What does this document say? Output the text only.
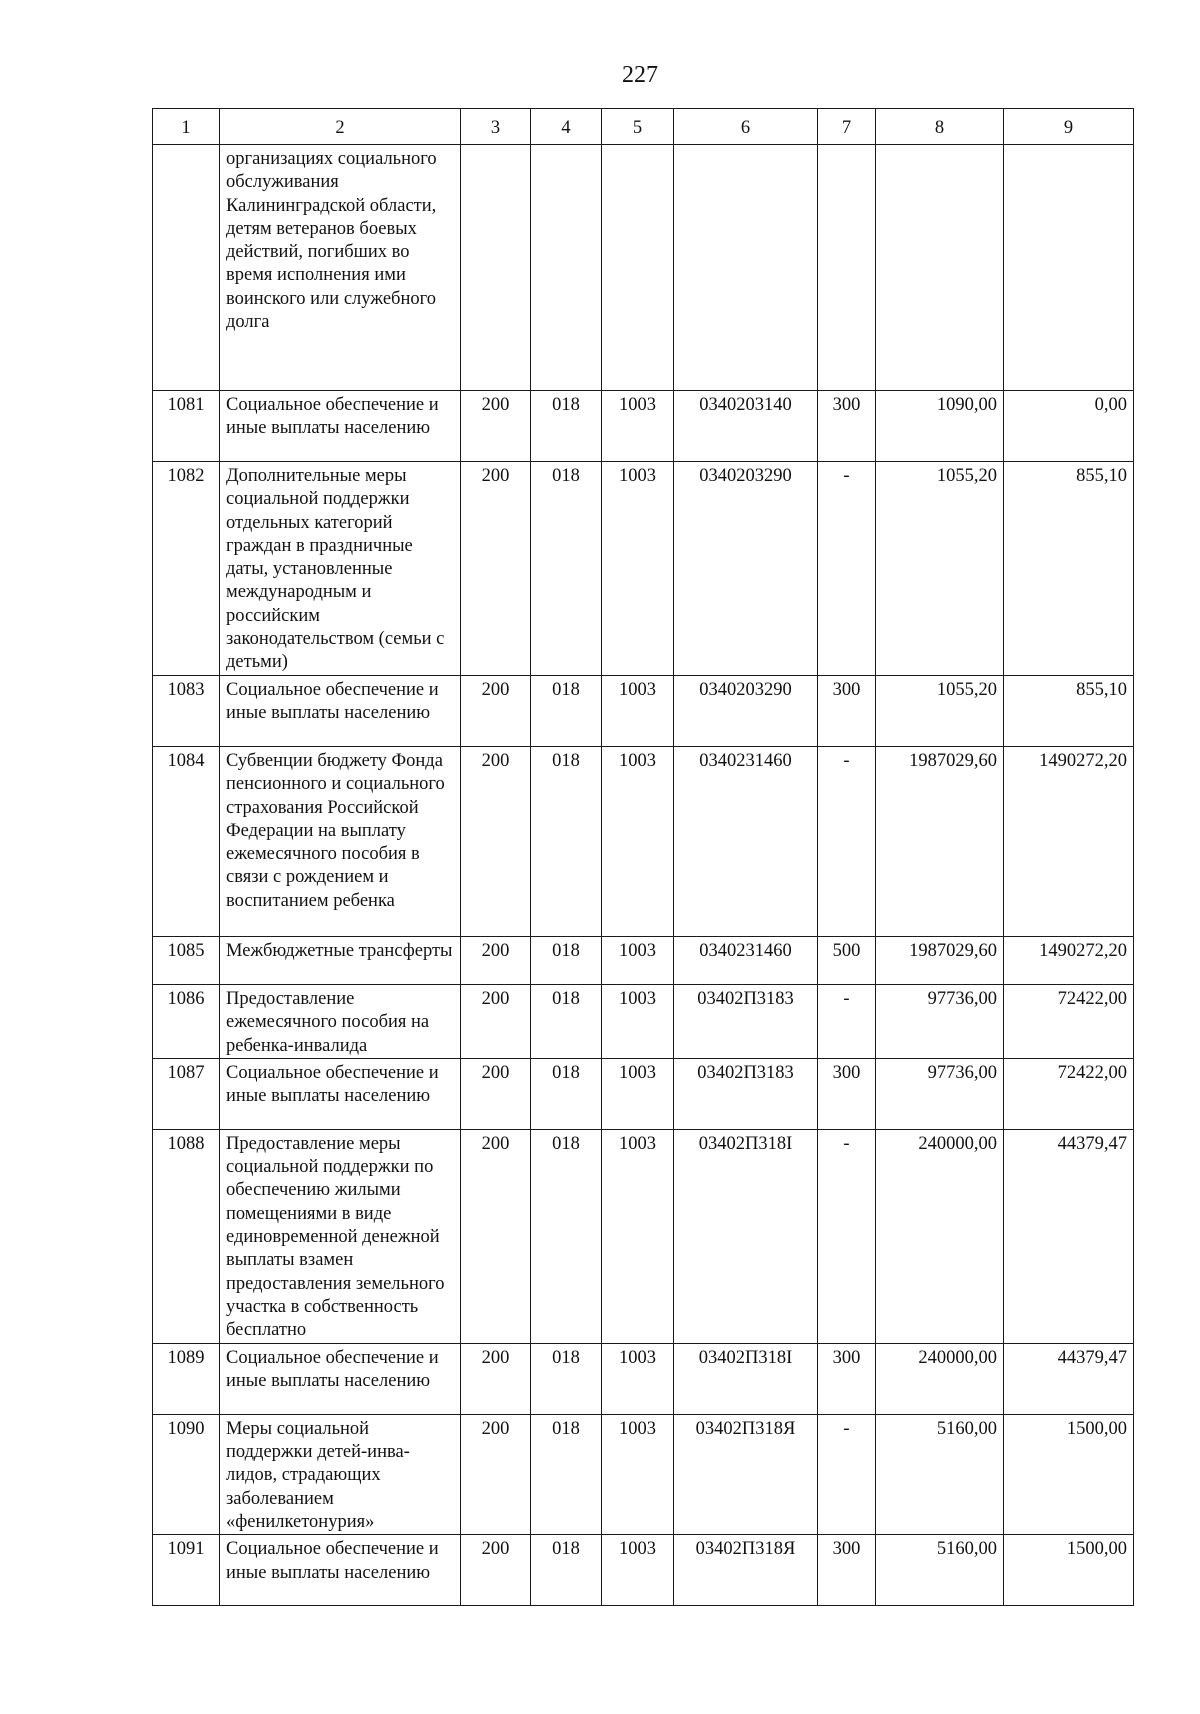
227
1	2	3	4	5	6	7	8	9
	организациях социального обслуживания Калининградской области, детям ветеранов боевых действий, погибших во время исполнения ими воинского или служебного долга							
1081	Социальное обеспечение и иные выплаты населению	200	018	1003	0340203140	300	1090,00	0,00
1082	Дополнительные меры социальной поддержки отдельных категорий граждан в праздничные даты, установленные международным и российским законодательством (семьи с детьми)	200	018	1003	0340203290	-	1055,20	855,10
1083	Социальное обеспечение и иные выплаты населению	200	018	1003	0340203290	300	1055,20	855,10
1084	Субвенции бюджету Фонда пенсионного и социального страхования Российской Федерации на выплату ежемесячного пособия в связи с рождением и воспитанием ребенка	200	018	1003	0340231460	-	1987029,60	1490272,20
1085	Межбюджетные трансферты	200	018	1003	0340231460	500	1987029,60	1490272,20
1086	Предоставление ежемесячного пособия на ребенка-инвалида	200	018	1003	03402П3183	-	97736,00	72422,00
1087	Социальное обеспечение и иные выплаты населению	200	018	1003	03402П3183	300	97736,00	72422,00
1088	Предоставление меры социальной поддержки по обеспечению жилыми помещениями в виде единовременной денежной выплаты взамен предоставления земельного участка в собственность бесплатно	200	018	1003	03402П318I	-	240000,00	44379,47
1089	Социальное обеспечение и иные выплаты населению	200	018	1003	03402П318I	300	240000,00	44379,47
1090	Меры социальной поддержки детей-инва-лидов, страдающих заболеванием «фенилкетонурия»	200	018	1003	03402П318Я	-	5160,00	1500,00
1091	Социальное обеспечение и иные выплаты населению	200	018	1003	03402П318Я	300	5160,00	1500,00
